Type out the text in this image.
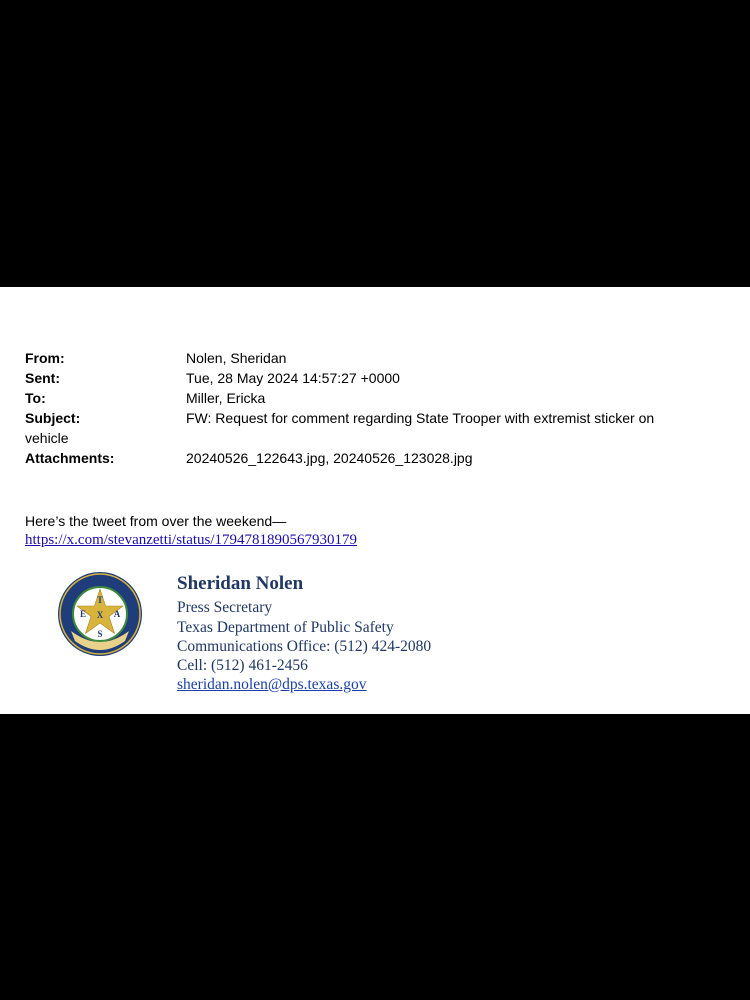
From:	Nolen, Sheridan
Sent:	Tue, 28 May 2024 14:57:27 +0000
To:	Miller, Ericka
Subject:	FW: Request for comment regarding State Trooper with extremist sticker on
vehicle
Attachments:	20240526_122643.jpg, 20240526_123028.jpg
Here’s the tweet from over the weekend—
https://x.com/stevanzetti/status/1794781890567930179
T
E X A
S
Sheridan Nolen
Press Secretary
Texas Department of Public Safety
Communications Office: (512) 424-2080
Cell: (512) 461-2456
sheridan.nolen@dps.texas.gov
